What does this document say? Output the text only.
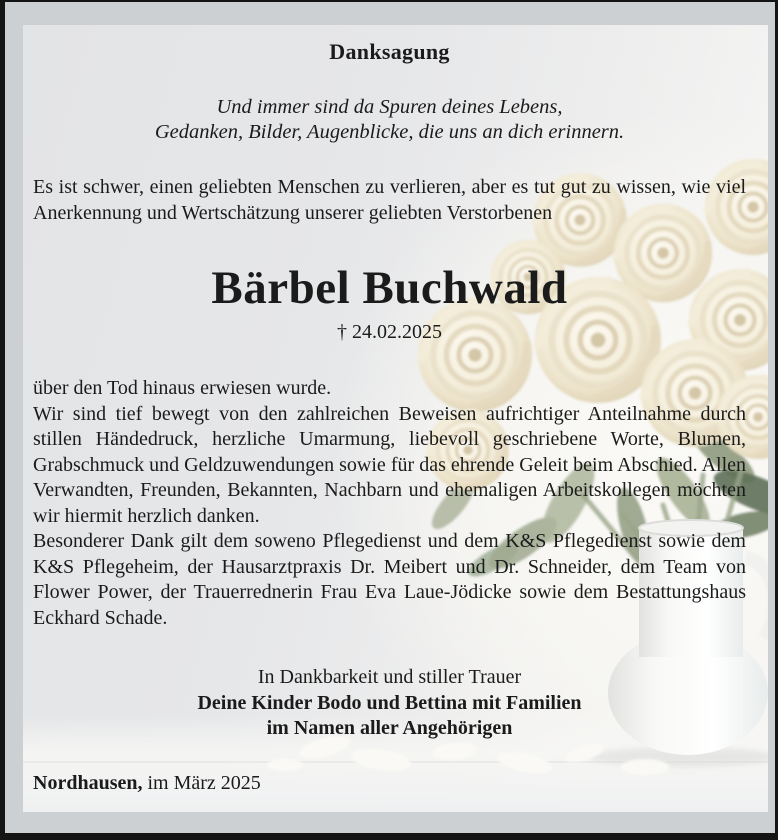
Danksagung

Und immer sind da Spuren deines Lebens,

Gedanken, Bilder, Augenblicke, die uns an dich erinnern.

Es ist schwer, einen geliebten Menschen zu verlieren, aber es tut gut zu wissen, wie viel Anerkennung und Wertschätzung unserer geliebten Verstorbenen

Bärbel Buchwald

† 24.02.2025

über den Tod hinaus erwiesen wurde.

Wir sind tief bewegt von den zahlreichen Beweisen aufrichtiger Anteilnahme durch stillen Händedruck, herzliche Umarmung, liebevoll geschriebene Worte, Blumen, Grabschmuck und Geldzuwendungen sowie für das ehrende Geleit beim Abschied. Allen Verwandten, Freunden, Bekannten, Nachbarn und ehemaligen Arbeitskollegen möchten wir hiermit herzlich danken.

Besonderer Dank gilt dem soweno Pflegedienst und dem K&S Pflegedienst sowie dem K&S Pflegeheim, der Hausarztpraxis Dr. Meibert und Dr. Schneider, dem Team von Flower Power, der Trauerrednerin Frau Eva Laue-Jödicke sowie dem Bestattungshaus Eckhard Schade.

In Dankbarkeit und stiller Trauer

Deine Kinder Bodo und Bettina mit Familien

im Namen aller Angehörigen

Nordhausen, im März 2025
